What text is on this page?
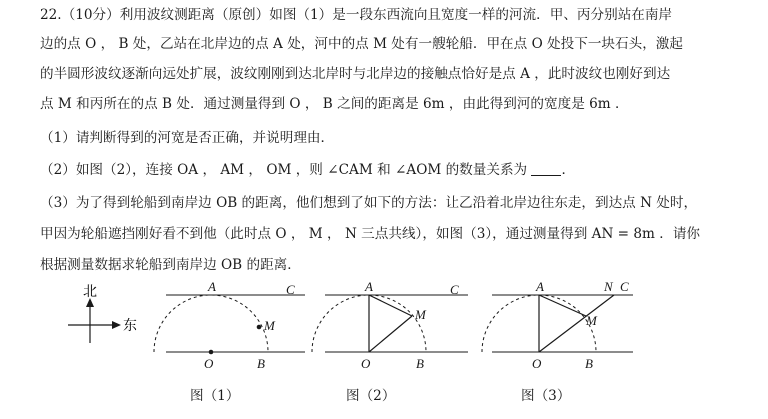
22.（10分）利用波纹测距离（原创）如图（1）是一段东西流向且宽度一样的河流．甲、丙分别站在南岸
边的点 O ， B 处，乙站在北岸边的点 A 处，河中的点 M 处有一艘轮船．甲在点 O 处投下一块石头，激起
的半圆形波纹逐渐向远处扩展，波纹刚刚到达北岸时与北岸边的接触点恰好是点 A ，此时波纹也刚好到达
点 M 和丙所在的点 B 处．通过测量得到 O ， B 之间的距离是 6m ，由此得到河的宽度是 6m ．
（1）请判断得到的河宽是否正确，并说明理由．
（2）如图（2），连接 OA ， AM ， OM ，则 ∠CAM 和 ∠AOM 的数量关系为	．
（3）为了得到轮船到南岸边 OB 的距离，他们想到了如下的方法：让乙沿着北岸边往东走，到达点 N 处时，
甲因为轮船遮挡刚好看不到他（此时点 O ， M ， N 三点共线），如图（3），通过测量得到 AN = 8m ．请你
根据测量数据求轮船到南岸边 OB 的距离．
北
东
A	C
M
O	B
A	C
M
O	B
A	N C
M
O	B
图（1）	图（2）	图（3）
